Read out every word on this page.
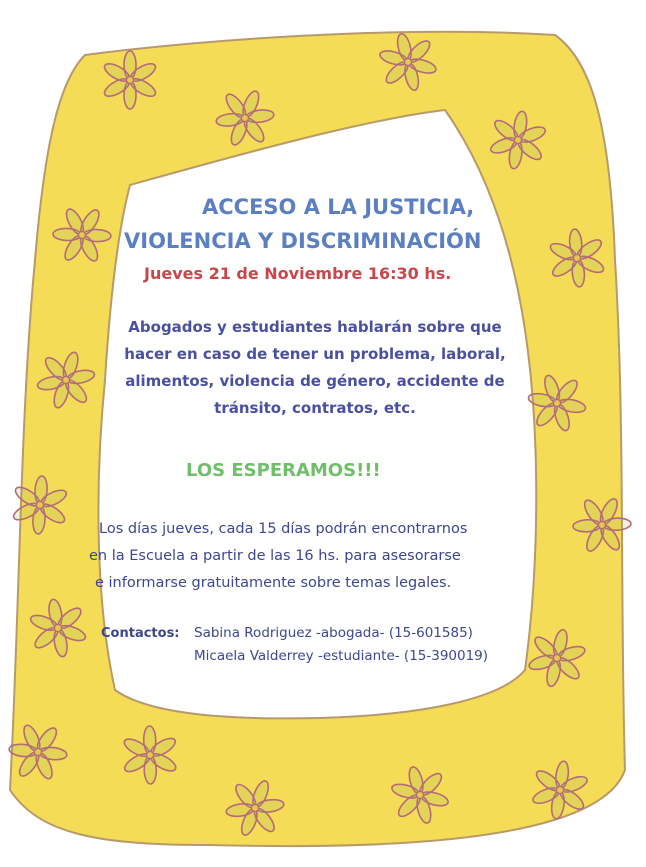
ACCESO A LA JUSTICIA,
VIOLENCIA Y DISCRIMINACIÓN
Jueves 21 de Noviembre 16:30 hs.
Abogados y estudiantes hablarán sobre que
hacer en caso de tener un problema, laboral,
alimentos, violencia de género, accidente de
tránsito, contratos, etc.
LOS ESPERAMOS!!!
Los días jueves, cada 15 días podrán encontrarnos
en la Escuela a partir de las 16 hs. para asesorarse
e informarse gratuitamente sobre temas legales.
Contactos: Sabina Rodriguez -abogada- (15-601585)
Micaela Valderrey -estudiante- (15-390019)
